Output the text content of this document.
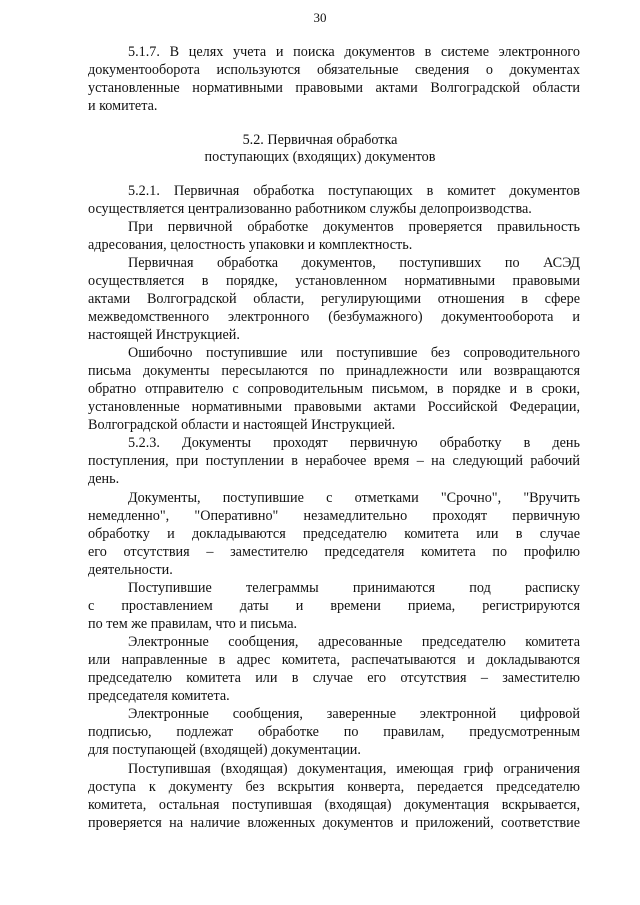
30
5.1.7. В целях учета и поиска документов в системе электронного
документооборота используются обязательные сведения о документах
установленные нормативными правовыми актами Волгоградской области
и комитета.
5.2. Первичная обработка
поступающих (входящих) документов
5.2.1. Первичная обработка поступающих в комитет документов
осуществляется централизованно работником службы делопроизводства.
При первичной обработке документов проверяется правильность
адресования, целостность упаковки и комплектность.
Первичная обработка документов, поступивших по АСЭД
осуществляется в порядке, установленном нормативными правовыми
актами Волгоградской области, регулирующими отношения в сфере
межведомственного электронного (безбумажного) документооборота и
настоящей Инструкцией.
Ошибочно поступившие или поступившие без сопроводительного
письма документы пересылаются по принадлежности или возвращаются
обратно отправителю с сопроводительным письмом, в порядке и в сроки,
установленные нормативными правовыми актами Российской Федерации,
Волгоградской области и настоящей Инструкцией.
5.2.3. Документы проходят первичную обработку в день
поступления, при поступлении в нерабочее время – на следующий рабочий
день.
Документы, поступившие с отметками "Срочно", "Вручить
немедленно", "Оперативно" незамедлительно проходят первичную
обработку и докладываются председателю комитета или в случае
его отсутствия – заместителю председателя комитета по профилю
деятельности.
Поступившие телеграммы принимаются под расписку
с проставлением даты и времени приема, регистрируются
по тем же правилам, что и письма.
Электронные сообщения, адресованные председателю комитета
или направленные в адрес комитета, распечатываются и докладываются
председателю комитета или в случае его отсутствия – заместителю
председателя комитета.
Электронные сообщения, заверенные электронной цифровой
подписью, подлежат обработке по правилам, предусмотренным
для поступающей (входящей) документации.
Поступившая (входящая) документация, имеющая гриф ограничения
доступа к документу без вскрытия конверта, передается председателю
комитета, остальная поступившая (входящая) документация вскрывается,
проверяется на наличие вложенных документов и приложений, соответствие
